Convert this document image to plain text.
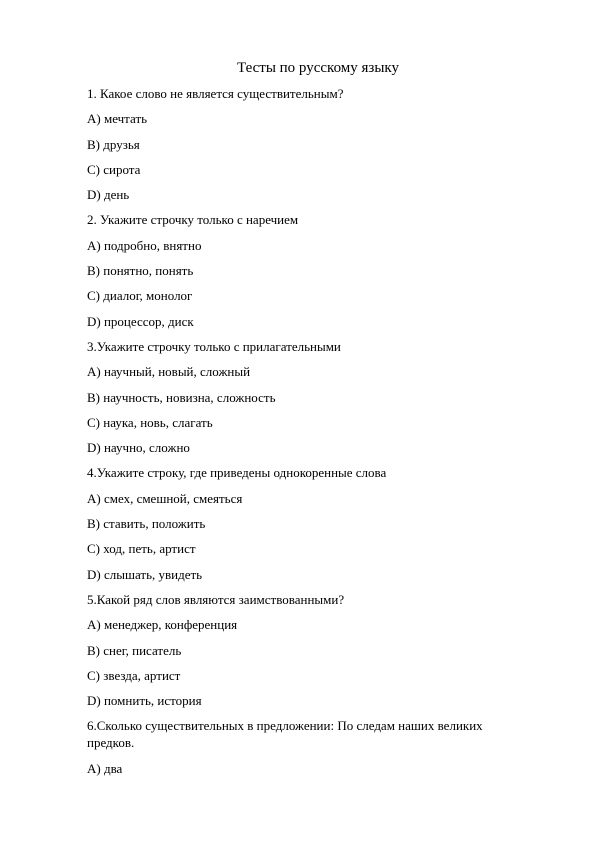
Тесты по русскому языку
1. Какое слово не является существительным?
A) мечтать
B) друзья
C) сирота
D) день
2. Укажите строчку только с наречием
A) подробно, внятно
B) понятно, понять
C) диалог, монолог
D) процессор, диск
3.Укажите строчку только с прилагательными
A) научный, новый, сложный
B) научность, новизна, сложность
C) наука, новь, слагать
D) научно, сложно
4.Укажите строку, где приведены однокоренные слова
A) смех, смешной, смеяться
B) ставить, положить
C) ход, петь, артист
D) слышать, увидеть
5.Какой ряд слов являются заимствованными?
A) менеджер, конференция
B) снег, писатель
C) звезда, артист
D) помнить, история
6.Сколько существительных в предложении: По следам наших великих предков.
A) два
